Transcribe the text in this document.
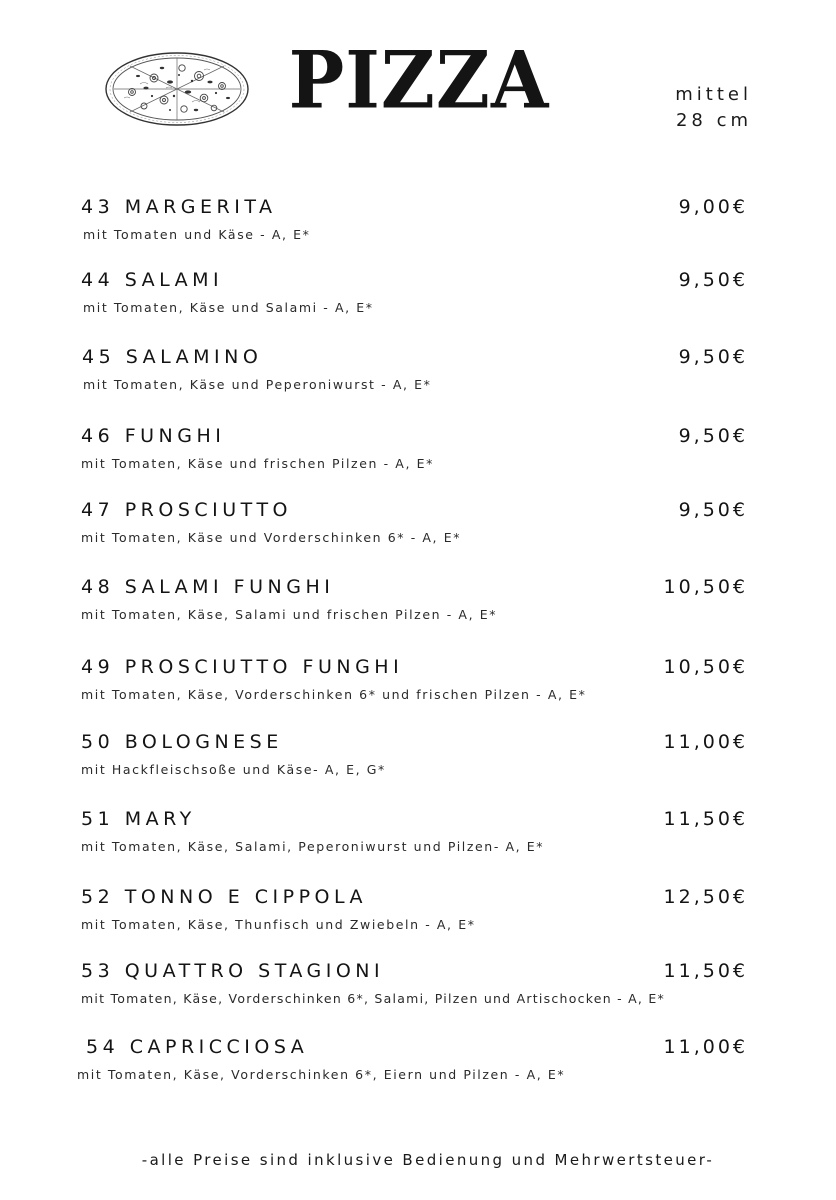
PIZZA	mittel
28 cm
43 MARGERITA	9,00€
mit Tomaten und Käse - A, E*
44 SALAMI	9,50€
mit Tomaten, Käse und Salami - A, E*
45 SALAMINO	9,50€
mit Tomaten, Käse und Peperoniwurst - A, E*
46 FUNGHI	9,50€
mit Tomaten, Käse und frischen Pilzen - A, E*
47 PROSCIUTTO	9,50€
mit Tomaten, Käse und Vorderschinken 6* - A, E*
48 SALAMI FUNGHI	10,50€
mit Tomaten, Käse, Salami und frischen Pilzen - A, E*
49 PROSCIUTTO FUNGHI	10,50€
mit Tomaten, Käse, Vorderschinken 6* und frischen Pilzen - A, E*
50 BOLOGNESE	11,00€
mit Hackfleischsoße und Käse- A, E, G*
51 MARY	11,50€
mit Tomaten, Käse, Salami, Peperoniwurst und Pilzen- A, E*
52 TONNO E CIPPOLA	12,50€
mit Tomaten, Käse, Thunfisch und Zwiebeln - A, E*
53 QUATTRO STAGIONI	11,50€
mit Tomaten, Käse, Vorderschinken 6*, Salami, Pilzen und Artischocken - A, E*
54 CAPRICCIOSA	11,00€
mit Tomaten, Käse, Vorderschinken 6*, Eiern und Pilzen - A, E*
-alle Preise sind inklusive Bedienung und Mehrwertsteuer-
